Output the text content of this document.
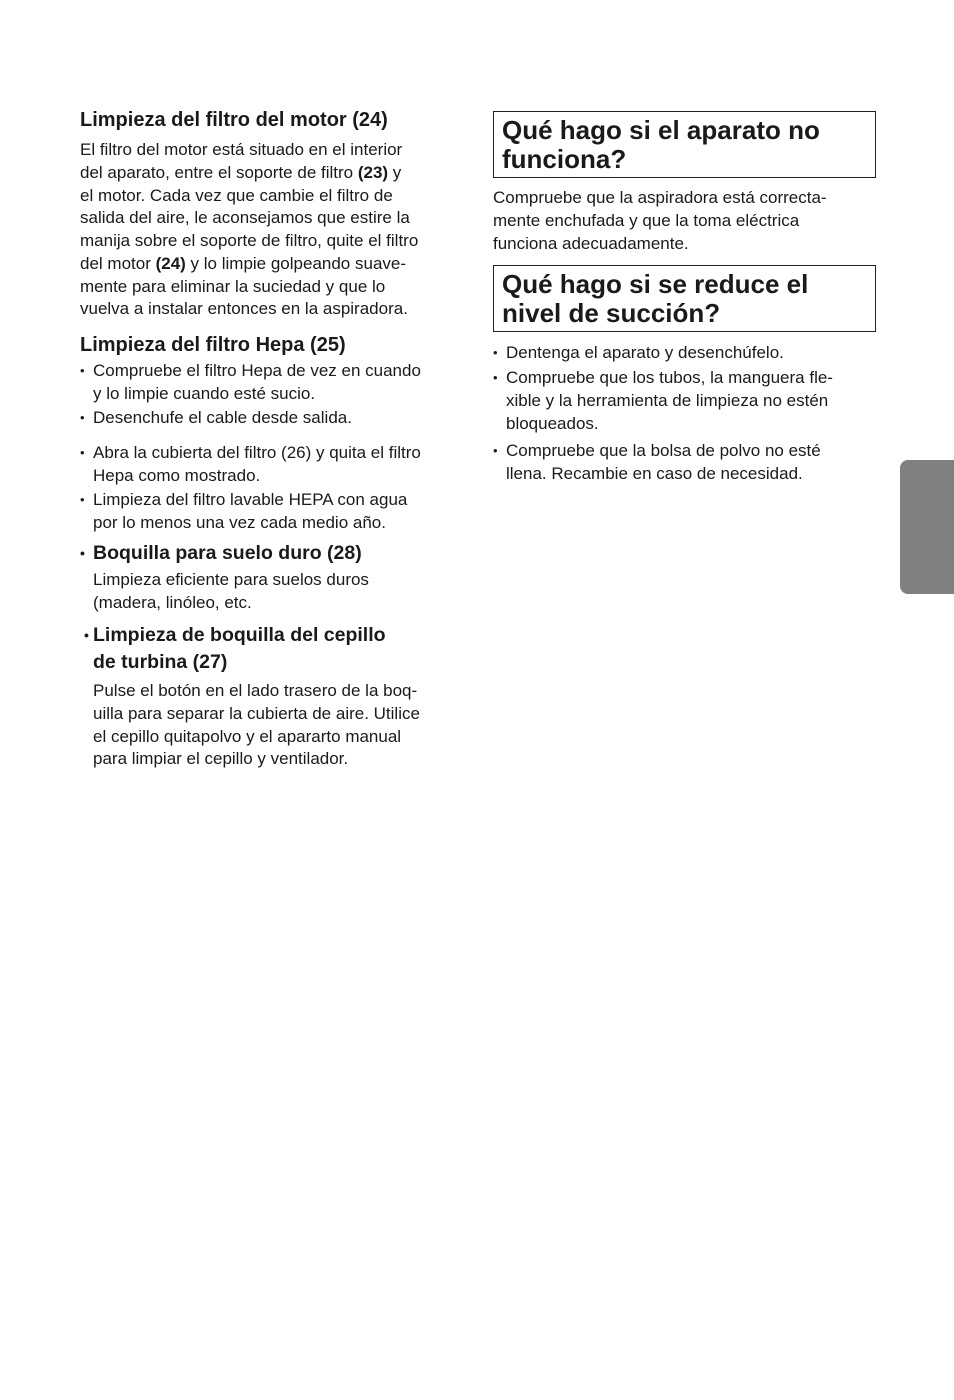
Limpieza del filtro del motor (24)
El filtro del motor está situado en el interior
del aparato, entre el soporte de filtro (23) y
el motor. Cada vez que cambie el filtro de
salida del aire, le aconsejamos que estire la
manija sobre el soporte de filtro, quite el filtro
del motor (24) y lo limpie golpeando suave-
mente para eliminar la suciedad y que lo
vuelva a instalar entonces en la aspiradora.
Limpieza del filtro Hepa (25)
• Compruebe el filtro Hepa de vez en cuando
y lo limpie cuando esté sucio.
• Desenchufe el cable desde salida.
• Abra la cubierta del filtro (26) y quita el filtro
Hepa como mostrado.
• Limpieza del filtro lavable HEPA con agua
por lo menos una vez cada medio año.
• Boquilla para suelo duro (28)
Limpieza eficiente para suelos duros
(madera, linóleo, etc.
• Limpieza de boquilla del cepillo
de turbina (27)
Pulse el botón en el lado trasero de la boq-
uilla para separar la cubierta de aire. Utilice
el cepillo quitapolvo y el apararto manual
para limpiar el cepillo y ventilador.
Qué hago si el aparato no
funciona?
Compruebe que la aspiradora está correcta-
mente enchufada y que la toma eléctrica
funciona adecuadamente.
Qué hago si se reduce el
nivel de succión?
• Dentenga el aparato y desenchúfelo.
• Compruebe que los tubos, la manguera fle-
xible y la herramienta de limpieza no estén
bloqueados.
• Compruebe que la bolsa de polvo no esté
llena. Recambie en caso de necesidad.
